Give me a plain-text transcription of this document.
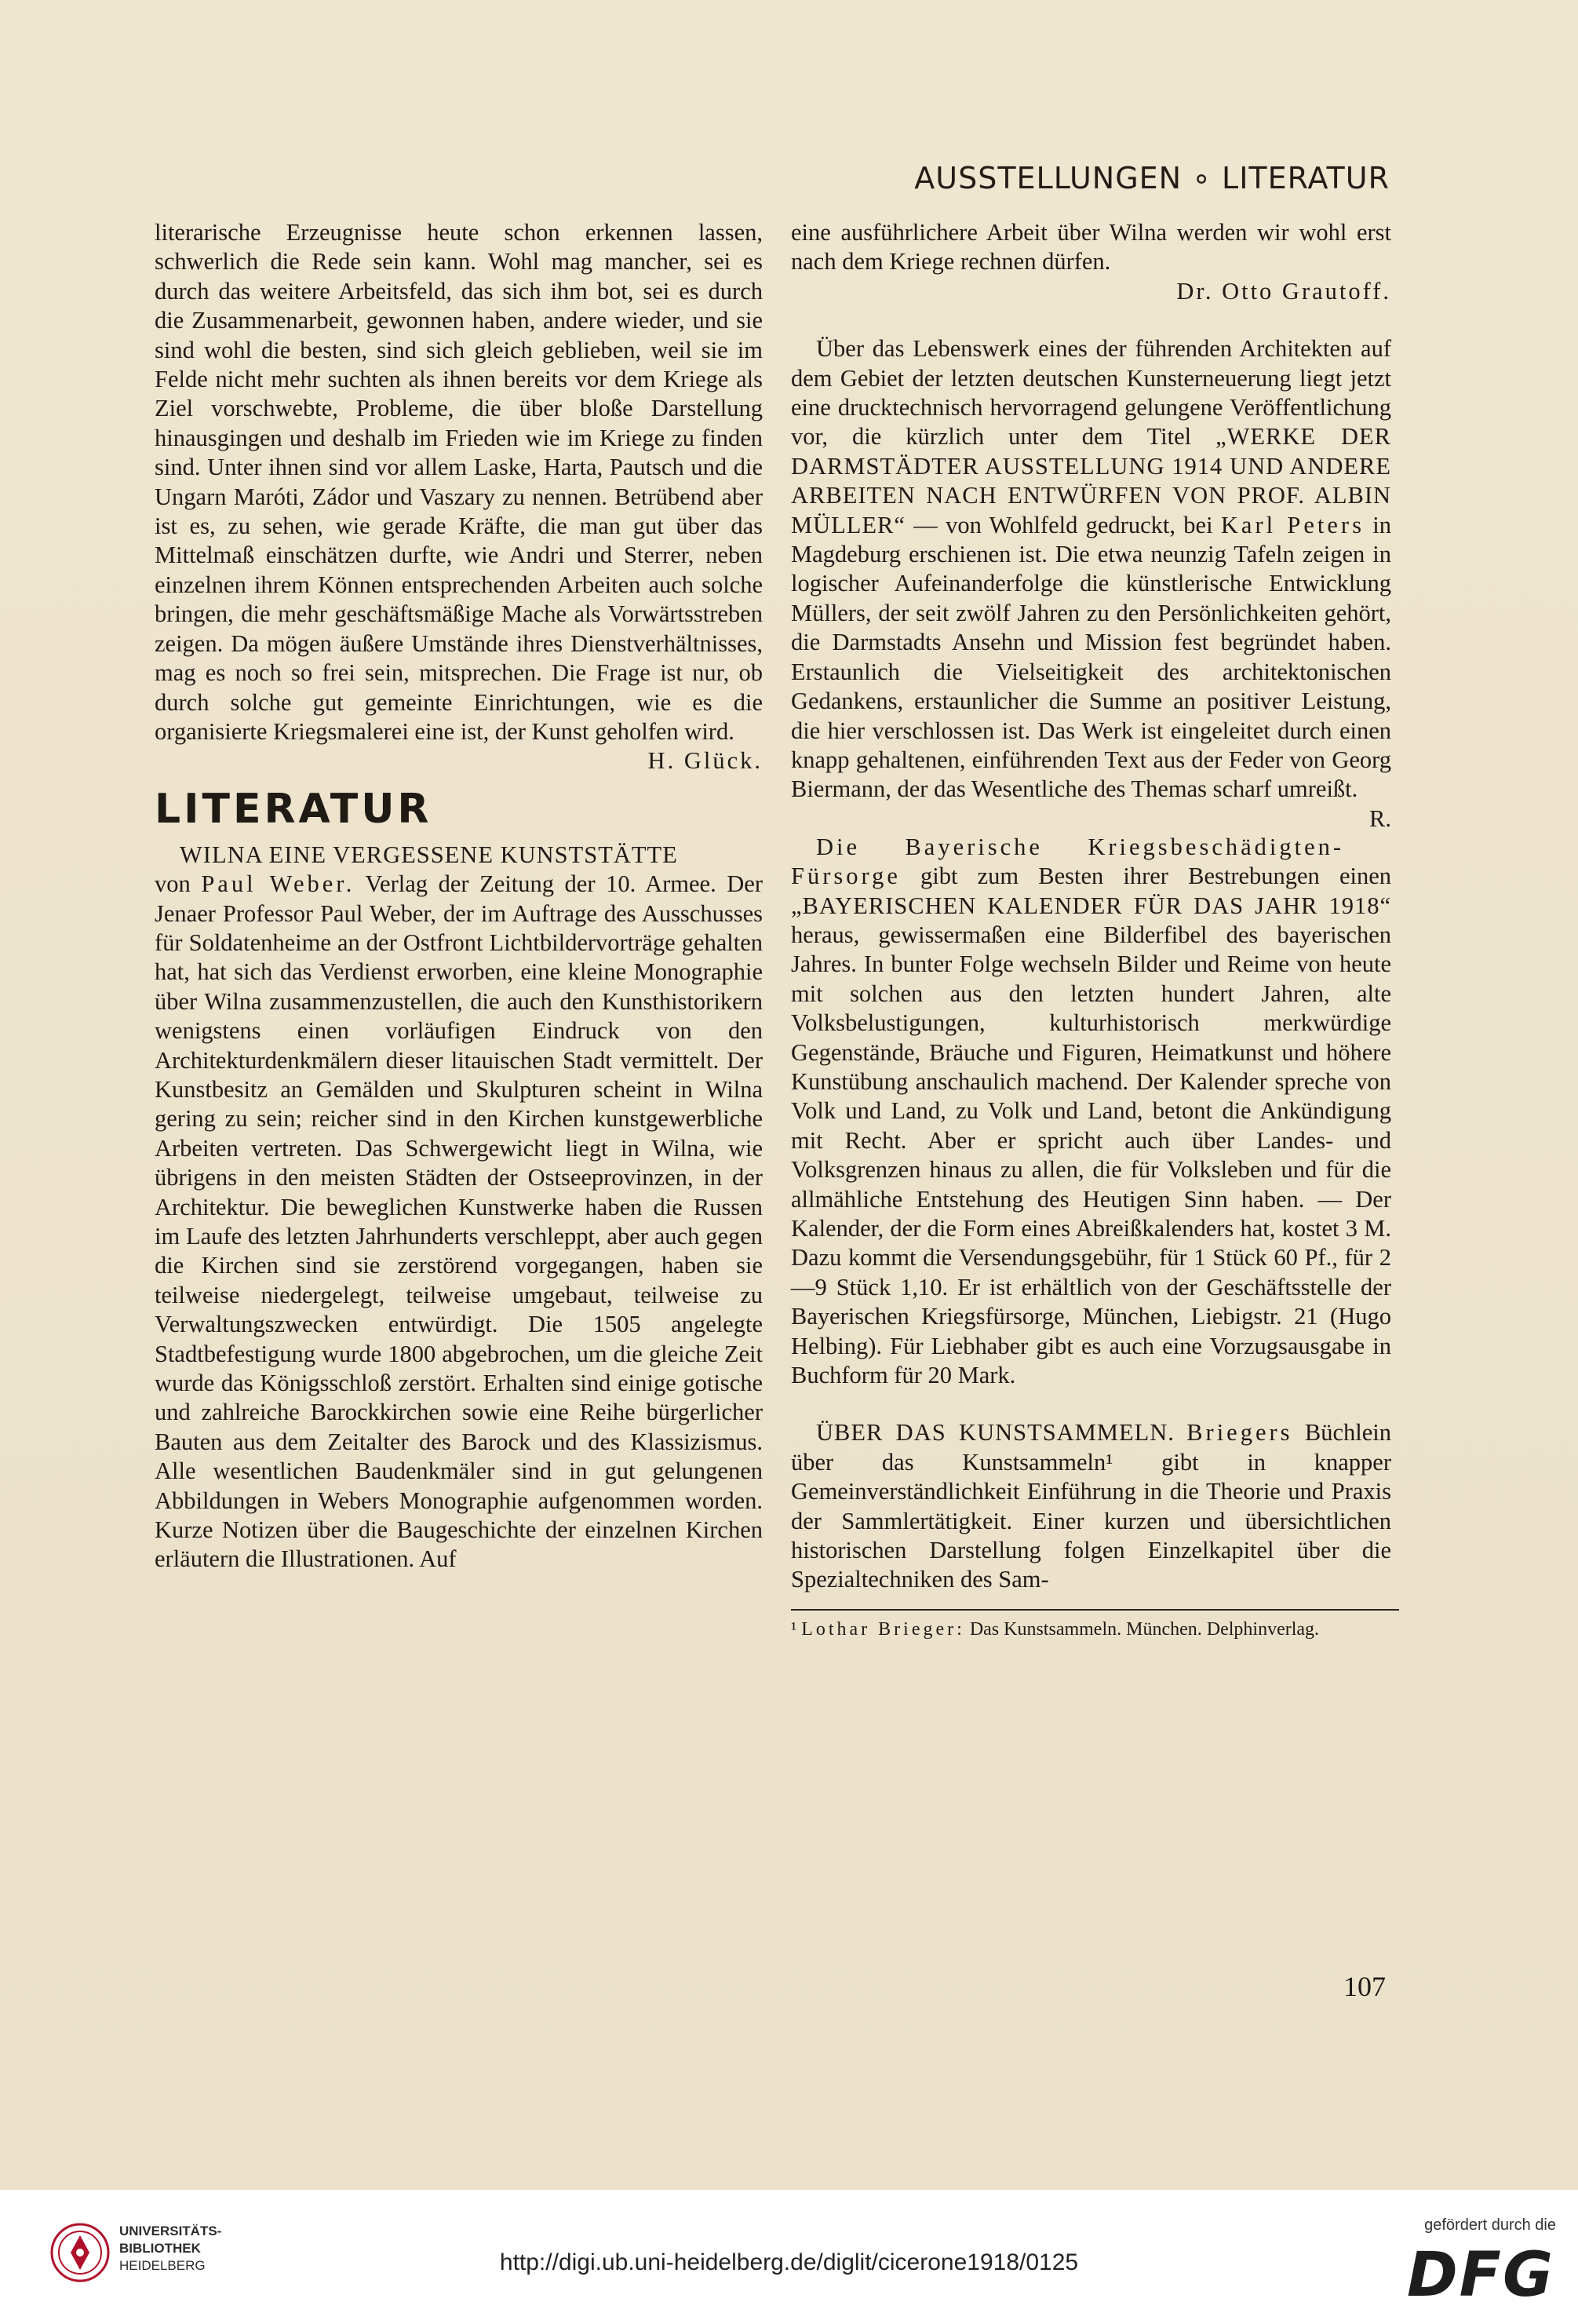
AUSSTELLUNGEN ∘ LITERATUR

literarische Erzeugnisse heute schon erkennen lassen, schwerlich die Rede sein kann. Wohl mag mancher, sei es durch das weitere Arbeitsfeld, das sich ihm bot, sei es durch die Zusammenarbeit, gewonnen haben, andere wieder, und sie sind wohl die besten, sind sich gleich geblieben, weil sie im Felde nicht mehr suchten als ihnen bereits vor dem Kriege als Ziel vorschwebte, Probleme, die über bloße Darstellung hinausgingen und deshalb im Frieden wie im Kriege zu finden sind. Unter ihnen sind vor allem Laske, Harta, Pautsch und die Ungarn Maróti, Zádor und Vaszary zu nennen. Betrübend aber ist es, zu sehen, wie gerade Kräfte, die man gut über das Mittelmaß einschätzen durfte, wie Andri und Sterrer, neben einzelnen ihrem Können entsprechenden Arbeiten auch solche bringen, die mehr geschäftsmäßige Mache als Vorwärtsstreben zeigen. Da mögen äußere Umstände ihres Dienstverhältnisses, mag es noch so frei sein, mitsprechen. Die Frage ist nur, ob durch solche gut gemeinte Einrichtungen, wie es die organisierte Kriegsmalerei eine ist, der Kunst geholfen wird.

H. Glück.

LITERATUR

WILNA EINE VERGESSENE KUNSTSTÄTTE
von Paul Weber. Verlag der Zeitung der 10. Armee. Der Jenaer Professor Paul Weber, der im Auftrage des Ausschusses für Soldatenheime an der Ostfront Lichtbildervorträge gehalten hat, hat sich das Verdienst erworben, eine kleine Monographie über Wilna zusammenzustellen, die auch den Kunsthistorikern wenigstens einen vorläufigen Eindruck von den Architekturdenkmälern dieser litauischen Stadt vermittelt. Der Kunstbesitz an Gemälden und Skulpturen scheint in Wilna gering zu sein; reicher sind in den Kirchen kunstgewerbliche Arbeiten vertreten. Das Schwergewicht liegt in Wilna, wie übrigens in den meisten Städten der Ostseeprovinzen, in der Architektur. Die beweglichen Kunstwerke haben die Russen im Laufe des letzten Jahrhunderts verschleppt, aber auch gegen die Kirchen sind sie zerstörend vorgegangen, haben sie teilweise niedergelegt, teilweise umgebaut, teilweise zu Verwaltungszwecken entwürdigt. Die 1505 angelegte Stadtbefestigung wurde 1800 abgebrochen, um die gleiche Zeit wurde das Königsschloß zerstört. Erhalten sind einige gotische und zahlreiche Barockkirchen sowie eine Reihe bürgerlicher Bauten aus dem Zeitalter des Barock und des Klassizismus. Alle wesentlichen Baudenkmäler sind in gut gelungenen Abbildungen in Webers Monographie aufgenommen worden. Kurze Notizen über die Baugeschichte der einzelnen Kirchen erläutern die Illustrationen. Auf

eine ausführlichere Arbeit über Wilna werden wir wohl erst nach dem Kriege rechnen dürfen.

Dr. Otto Grautoff.

Über das Lebenswerk eines der führenden Architekten auf dem Gebiet der letzten deutschen Kunsterneuerung liegt jetzt eine drucktechnisch hervorragend gelungene Veröffentlichung vor, die kürzlich unter dem Titel „WERKE DER DARMSTÄDTER AUSSTELLUNG 1914 UND ANDERE ARBEITEN NACH ENTWÜRFEN VON PROF. ALBIN MÜLLER“ — von Wohlfeld gedruckt, bei Karl Peters in Magdeburg erschienen ist. Die etwa neunzig Tafeln zeigen in logischer Aufeinanderfolge die künstlerische Entwicklung Müllers, der seit zwölf Jahren zu den Persönlichkeiten gehört, die Darmstadts Ansehn und Mission fest begründet haben. Erstaunlich die Vielseitigkeit des architektonischen Gedankens, erstaunlicher die Summe an positiver Leistung, die hier verschlossen ist. Das Werk ist eingeleitet durch einen knapp gehaltenen, einführenden Text aus der Feder von Georg Biermann, der das Wesentliche des Themas scharf umreißt.
R.

Die Bayerische Kriegsbeschädigten-Fürsorge gibt zum Besten ihrer Bestrebungen einen „BAYERISCHEN KALENDER FÜR DAS JAHR 1918“ heraus, gewissermaßen eine Bilderfibel des bayerischen Jahres. In bunter Folge wechseln Bilder und Reime von heute mit solchen aus den letzten hundert Jahren, alte Volksbelustigungen, kulturhistorisch merkwürdige Gegenstände, Bräuche und Figuren, Heimatkunst und höhere Kunstübung anschaulich machend. Der Kalender spreche von Volk und Land, zu Volk und Land, betont die Ankündigung mit Recht. Aber er spricht auch über Landes- und Volksgrenzen hinaus zu allen, die für Volksleben und für die allmähliche Entstehung des Heutigen Sinn haben. — Der Kalender, der die Form eines Abreißkalenders hat, kostet 3 M. Dazu kommt die Versendungsgebühr, für 1 Stück 60 Pf., für 2—9 Stück 1,10. Er ist erhältlich von der Geschäftsstelle der Bayerischen Kriegsfürsorge, München, Liebigstr. 21 (Hugo Helbing). Für Liebhaber gibt es auch eine Vorzugsausgabe in Buchform für 20 Mark.

ÜBER DAS KUNSTSAMMELN. Briegers Büchlein über das Kunstsammeln¹ gibt in knapper Gemeinverständlichkeit Einführung in die Theorie und Praxis der Sammlertätigkeit. Einer kurzen und übersichtlichen historischen Darstellung folgen Einzelkapitel über die Spezialtechniken des Sam-

¹ Lothar Brieger: Das Kunstsammeln. München. Delphinverlag.

107
UNIVERSITÄTS-
BIBLIOTHEK
HEIDELBERG	http://digi.ub.uni-heidelberg.de/diglit/cicerone1918/0125
gefördert durch die
DFG
